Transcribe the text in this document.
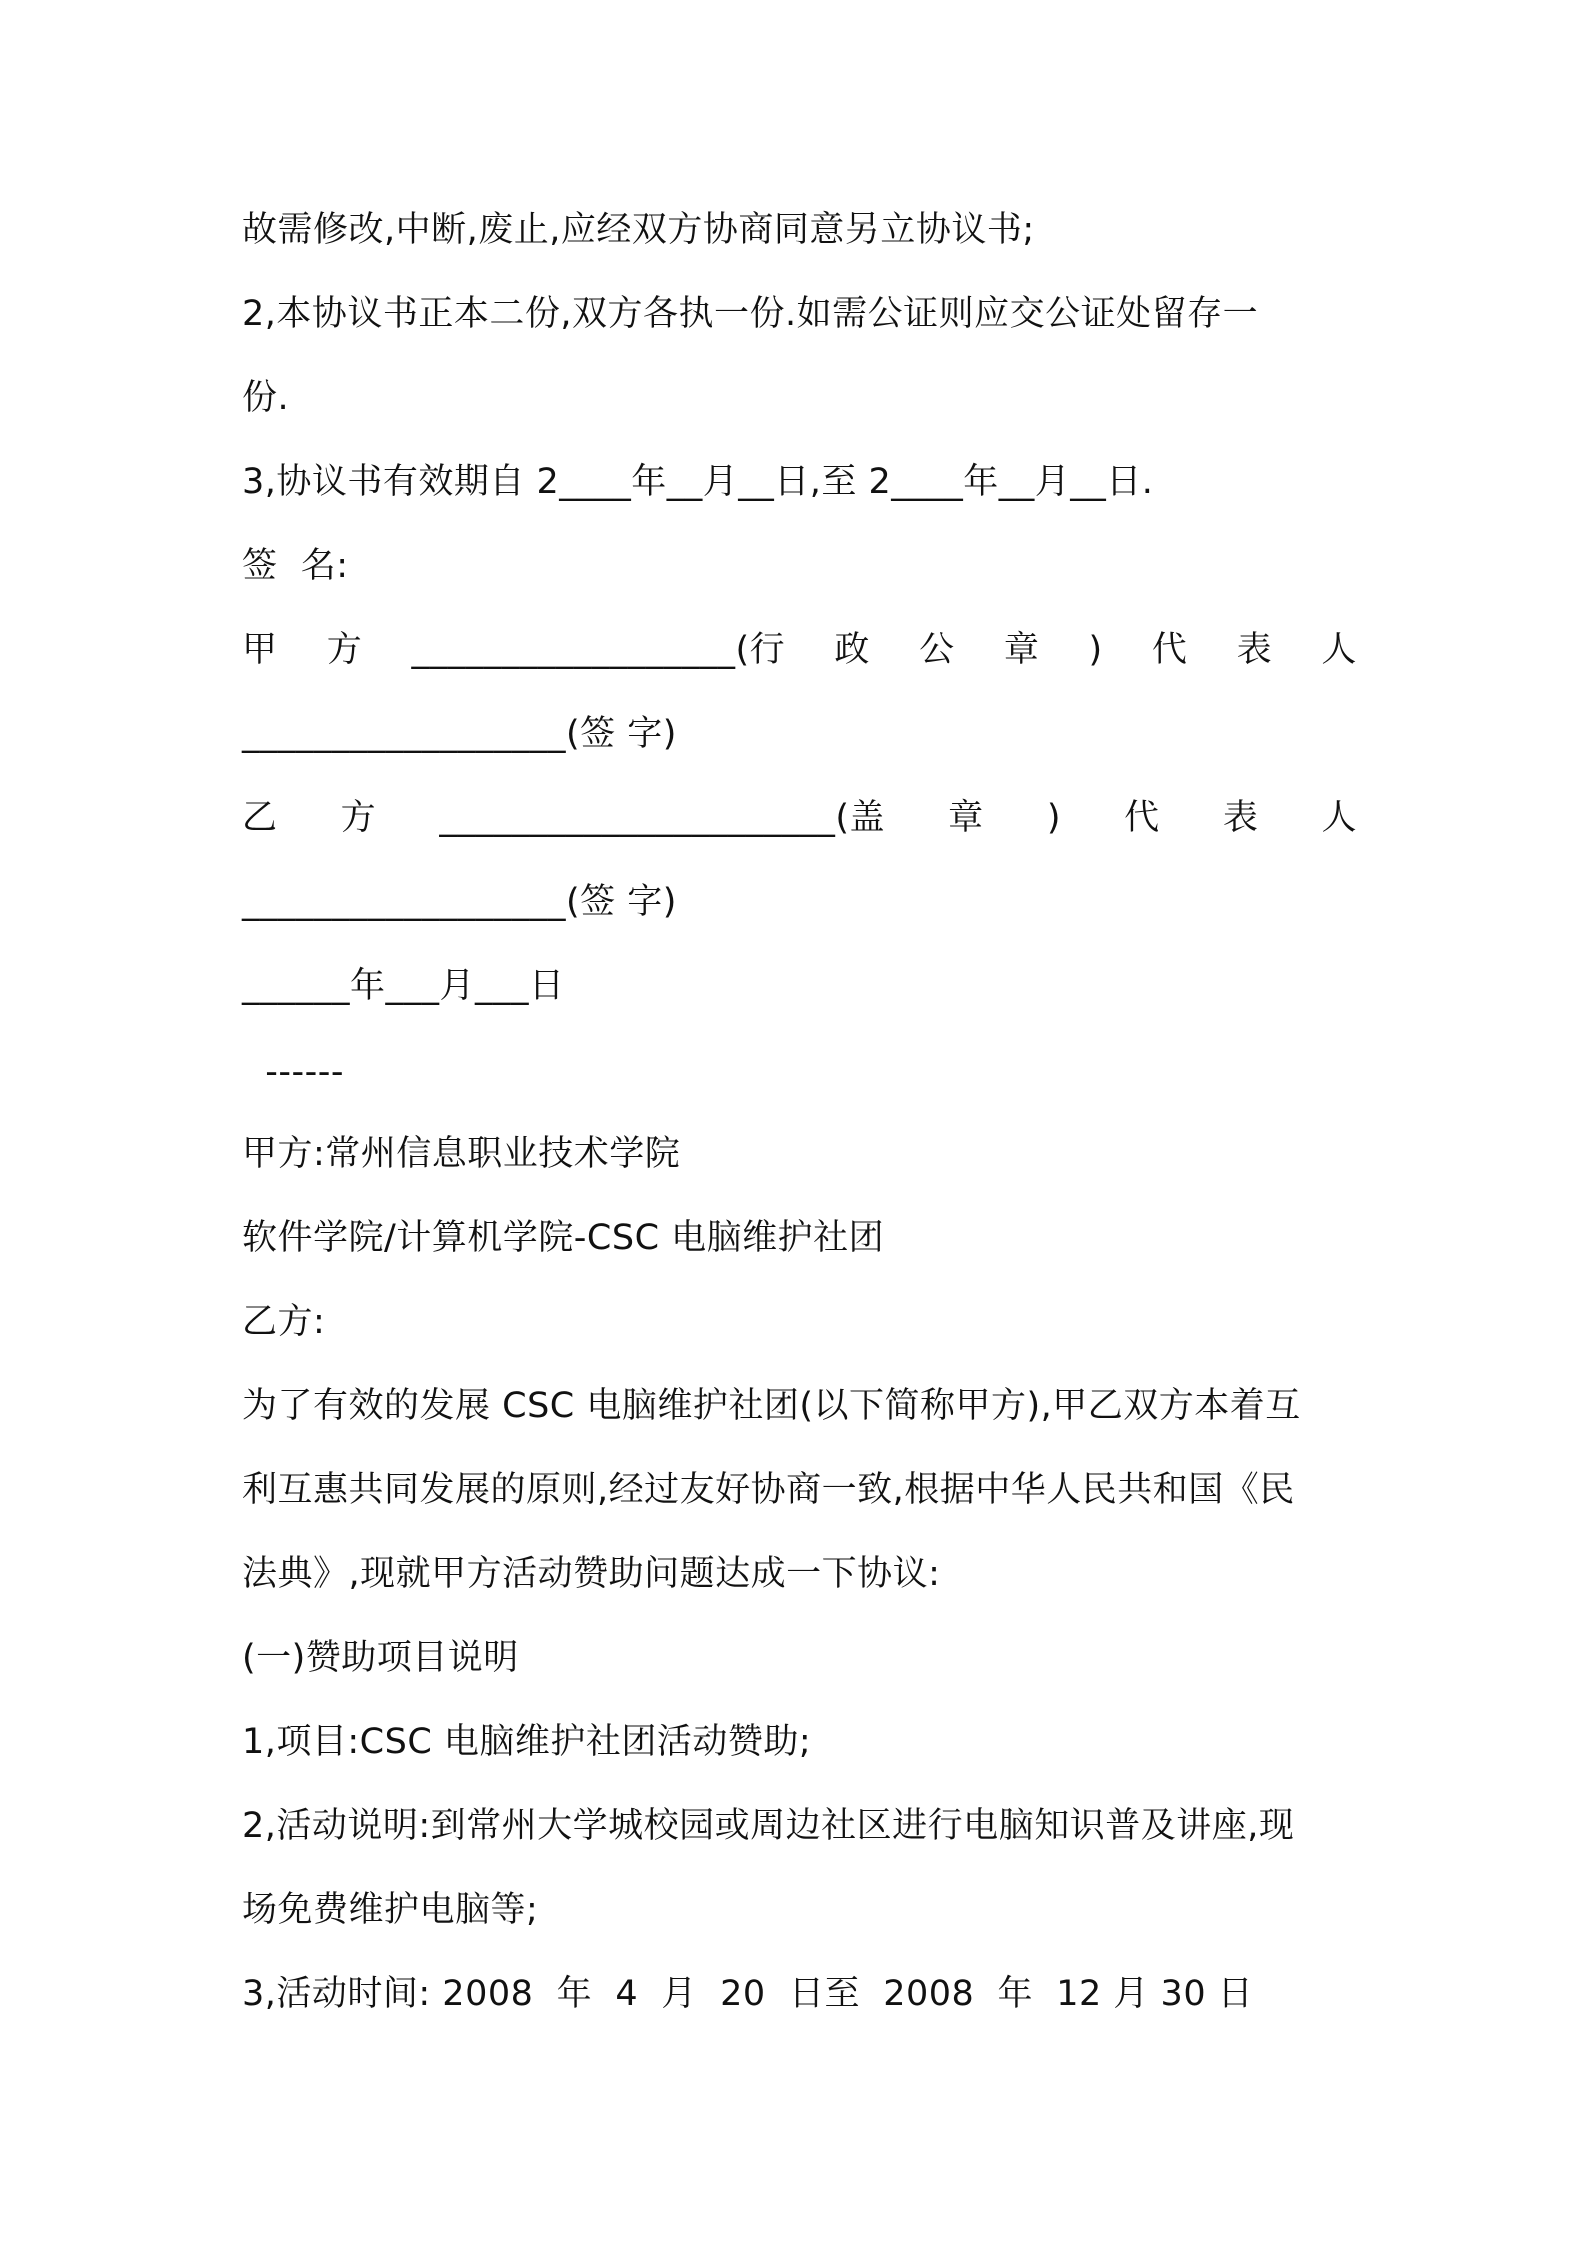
故需修改,中断,废止,应经双方协商同意另立协议书;
2,本协议书正本二份,双方各执一份.如需公证则应交公证处留存一
份.
3,协议书有效期自 2____年__月__日,至 2____年__月__日.
签  名:
甲 方 __________________(行 政 公 章 ) 代 表 人
__________________(签 字)
乙 方 ______________________(盖 章 ) 代 表 人
__________________(签 字)
______年___月___日
------
甲方:常州信息职业技术学院
软件学院/计算机学院-CSC 电脑维护社团
乙方:
为了有效的发展 CSC 电脑维护社团(以下简称甲方),甲乙双方本着互
利互惠共同发展的原则,经过友好协商一致,根据中华人民共和国《民
法典》,现就甲方活动赞助问题达成一下协议:
(一)赞助项目说明
1,项目:CSC 电脑维护社团活动赞助;
2,活动说明:到常州大学城校园或周边社区进行电脑知识普及讲座,现
场免费维护电脑等;
3,活动时间: 2008  年  4  月  20  日至  2008  年  12 月 30 日
